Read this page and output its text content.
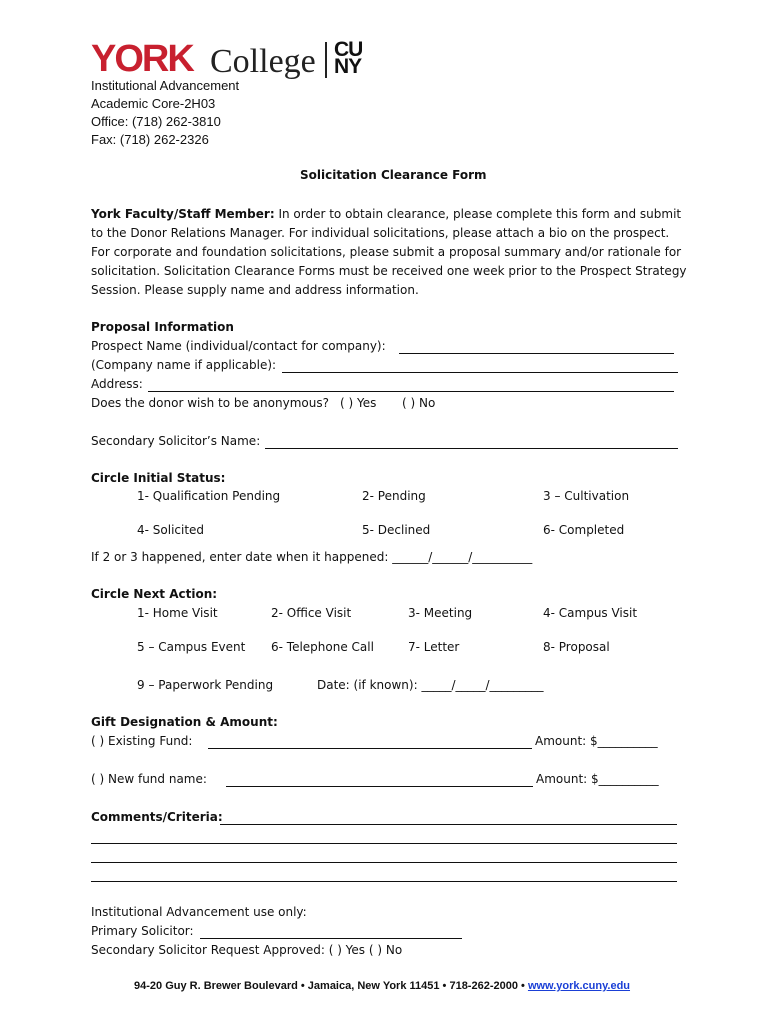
YORK College CU
NY
Institutional Advancement
Academic Core-2H03
Office: (718) 262-3810
Fax: (718) 262-2326
Solicitation Clearance Form
York Faculty/Staff Member: In order to obtain clearance, please complete this form and submit to the Donor Relations Manager. For individual solicitations, please attach a bio on the prospect. For corporate and foundation solicitations, please submit a proposal summary and/or rationale for solicitation. Solicitation Clearance Forms must be received one week prior to the Prospect Strategy Session. Please supply name and address information.
Proposal Information
Prospect Name (individual/contact for company):
(Company name if applicable):
Address:
Does the donor wish to be anonymous? ( ) Yes ( ) No
Secondary Solicitor’s Name:
Circle Initial Status:
1- Qualification Pending	2- Pending	3 – Cultivation
4- Solicited	5- Declined	6- Completed
If 2 or 3 happened, enter date when it happened: ______/______/__________
Circle Next Action:
1- Home Visit	2- Office Visit	3- Meeting	4- Campus Visit
5 – Campus Event 6- Telephone Call	7- Letter	8- Proposal
9 – Paperwork Pending	Date: (if known): _____/_____/_________
Gift Designation & Amount:
( ) Existing Fund:	Amount: $__________
( ) New fund name:	Amount: $__________
Comments/Criteria:
Institutional Advancement use only:
Primary Solicitor:
Secondary Solicitor Request Approved: ( ) Yes ( ) No
94-20 Guy R. Brewer Boulevard • Jamaica, New York 11451 • 718-262-2000 • www.york.cuny.edu
